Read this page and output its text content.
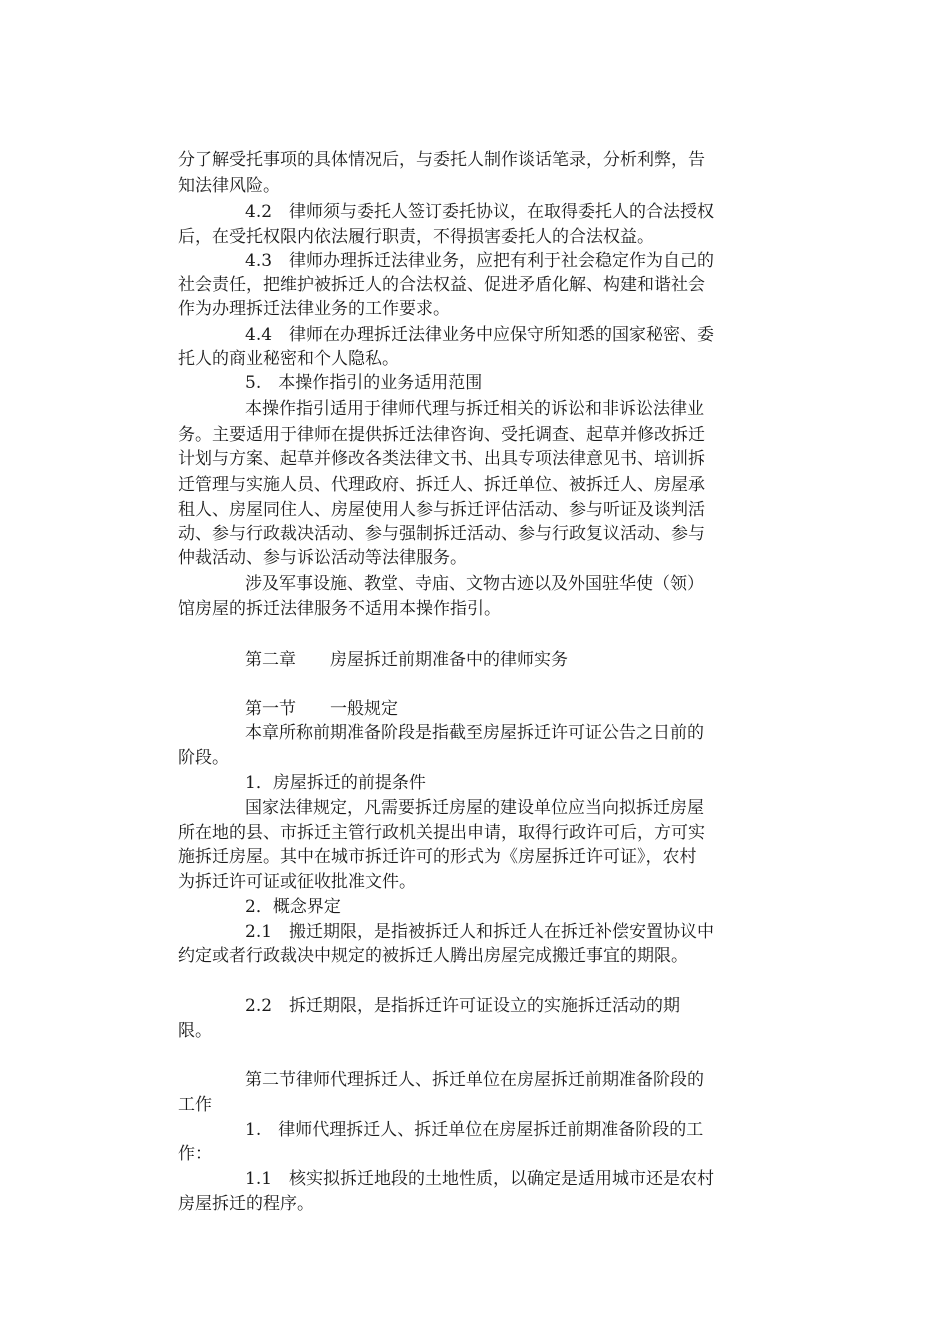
分了解受托事项的具体情况后，与委托人制作谈话笔录，分析利弊，告
知法律风险。
4.2　律师须与委托人签订委托协议，在取得委托人的合法授权
后，在受托权限内依法履行职责，不得损害委托人的合法权益。
4.3　律师办理拆迁法律业务，应把有利于社会稳定作为自己的
社会责任，把维护被拆迁人的合法权益、促进矛盾化解、构建和谐社会
作为办理拆迁法律业务的工作要求。
4.4　律师在办理拆迁法律业务中应保守所知悉的国家秘密、委
托人的商业秘密和个人隐私。
5.　本操作指引的业务适用范围
本操作指引适用于律师代理与拆迁相关的诉讼和非诉讼法律业
务。主要适用于律师在提供拆迁法律咨询、受托调查、起草并修改拆迁
计划与方案、起草并修改各类法律文书、出具专项法律意见书、培训拆
迁管理与实施人员、代理政府、拆迁人、拆迁单位、被拆迁人、房屋承
租人、房屋同住人、房屋使用人参与拆迁评估活动、参与听证及谈判活
动、参与行政裁决活动、参与强制拆迁活动、参与行政复议活动、参与
仲裁活动、参与诉讼活动等法律服务。
涉及军事设施、教堂、寺庙、文物古迹以及外国驻华使（领）
馆房屋的拆迁法律服务不适用本操作指引。
第二章　　房屋拆迁前期准备中的律师实务
第一节　　一般规定
本章所称前期准备阶段是指截至房屋拆迁许可证公告之日前的
阶段。
1．房屋拆迁的前提条件
国家法律规定，凡需要拆迁房屋的建设单位应当向拟拆迁房屋
所在地的县、市拆迁主管行政机关提出申请，取得行政许可后，方可实
施拆迁房屋。其中在城市拆迁许可的形式为《房屋拆迁许可证》，农村
为拆迁许可证或征收批准文件。
2．概念界定
2.1　搬迁期限，是指被拆迁人和拆迁人在拆迁补偿安置协议中
约定或者行政裁决中规定的被拆迁人腾出房屋完成搬迁事宜的期限。
2.2　拆迁期限，是指拆迁许可证设立的实施拆迁活动的期
限。
第二节律师代理拆迁人、拆迁单位在房屋拆迁前期准备阶段的
工作
1.　律师代理拆迁人、拆迁单位在房屋拆迁前期准备阶段的工
作：
1.1　核实拟拆迁地段的土地性质，以确定是适用城市还是农村
房屋拆迁的程序。
